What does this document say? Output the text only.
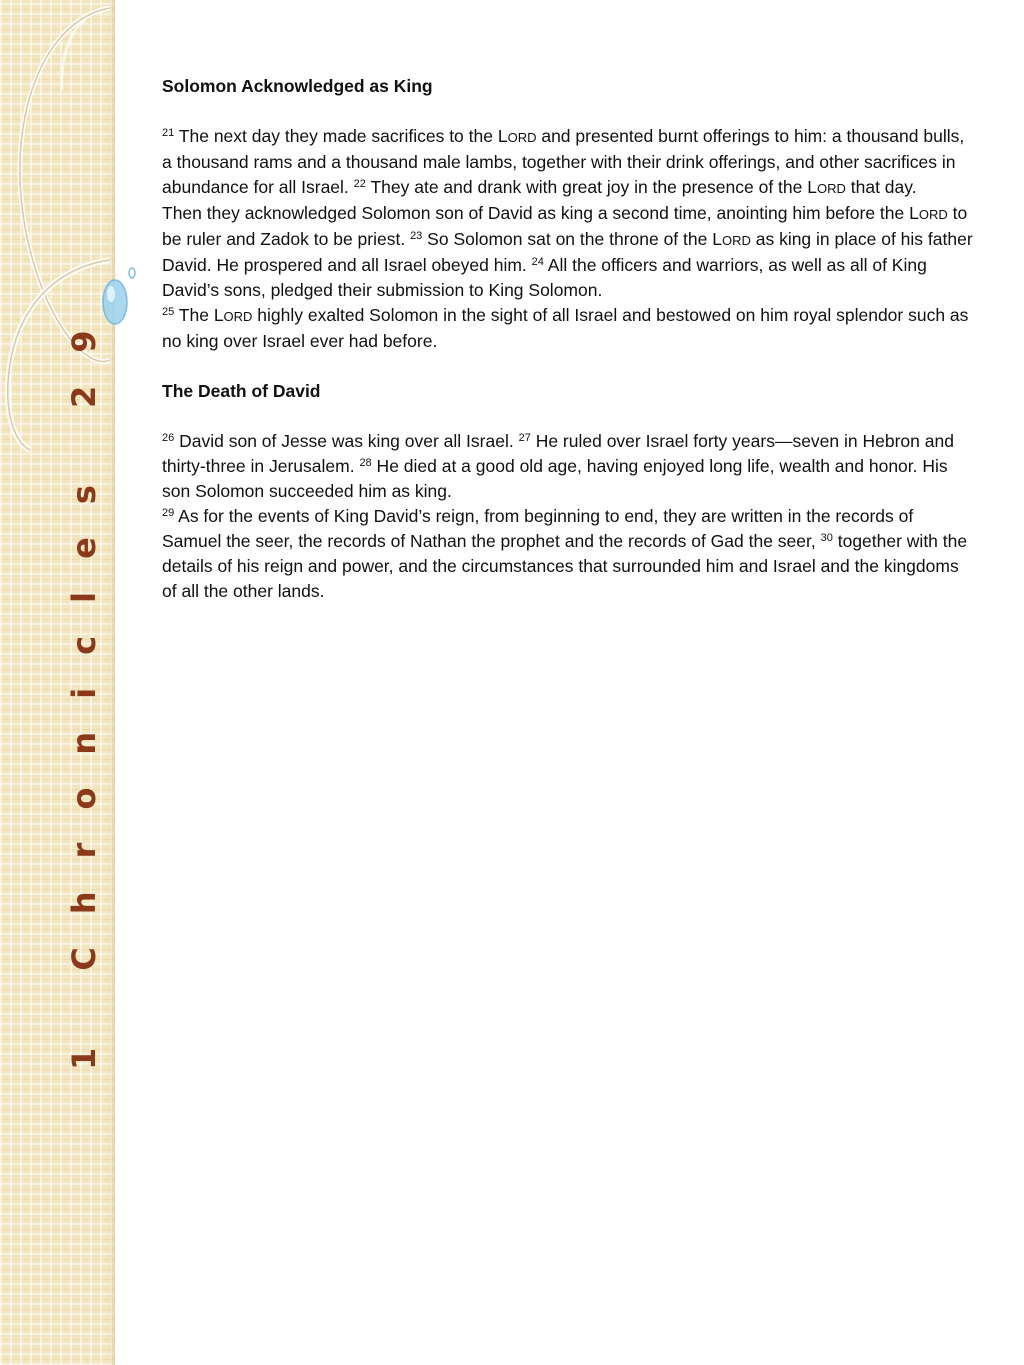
1 Chronicles 29

Solomon Acknowledged as King

$^{21}$ The next day they made sacrifices to the LORD and presented burnt offerings to him: a thousand bulls, a thousand rams and a thousand male lambs, together with their drink offerings, and other sacrifices in abundance for all Israel. $^{22}$ They ate and drank with great joy in the presence of the LORD that day.

Then they acknowledged Solomon son of David as king a second time, anointing him before the LORD to be ruler and Zadok to be priest. $^{23}$ So Solomon sat on the throne of the LORD as king in place of his father David. He prospered and all Israel obeyed him. $^{24}$ All the officers and warriors, as well as all of King David’s sons, pledged their submission to King Solomon.

$^{25}$ The LORD highly exalted Solomon in the sight of all Israel and bestowed on him royal splendor such as no king over Israel ever had before.

The Death of David

$^{26}$ David son of Jesse was king over all Israel. $^{27}$ He ruled over Israel forty years—seven in Hebron and thirty-three in Jerusalem. $^{28}$ He died at a good old age, having enjoyed long life, wealth and honor. His son Solomon succeeded him as king.

$^{29}$ As for the events of King David’s reign, from beginning to end, they are written in the records of Samuel the seer, the records of Nathan the prophet and the records of Gad the seer, $^{30}$ together with the details of his reign and power, and the circumstances that surrounded him and Israel and the kingdoms of all the other lands.
